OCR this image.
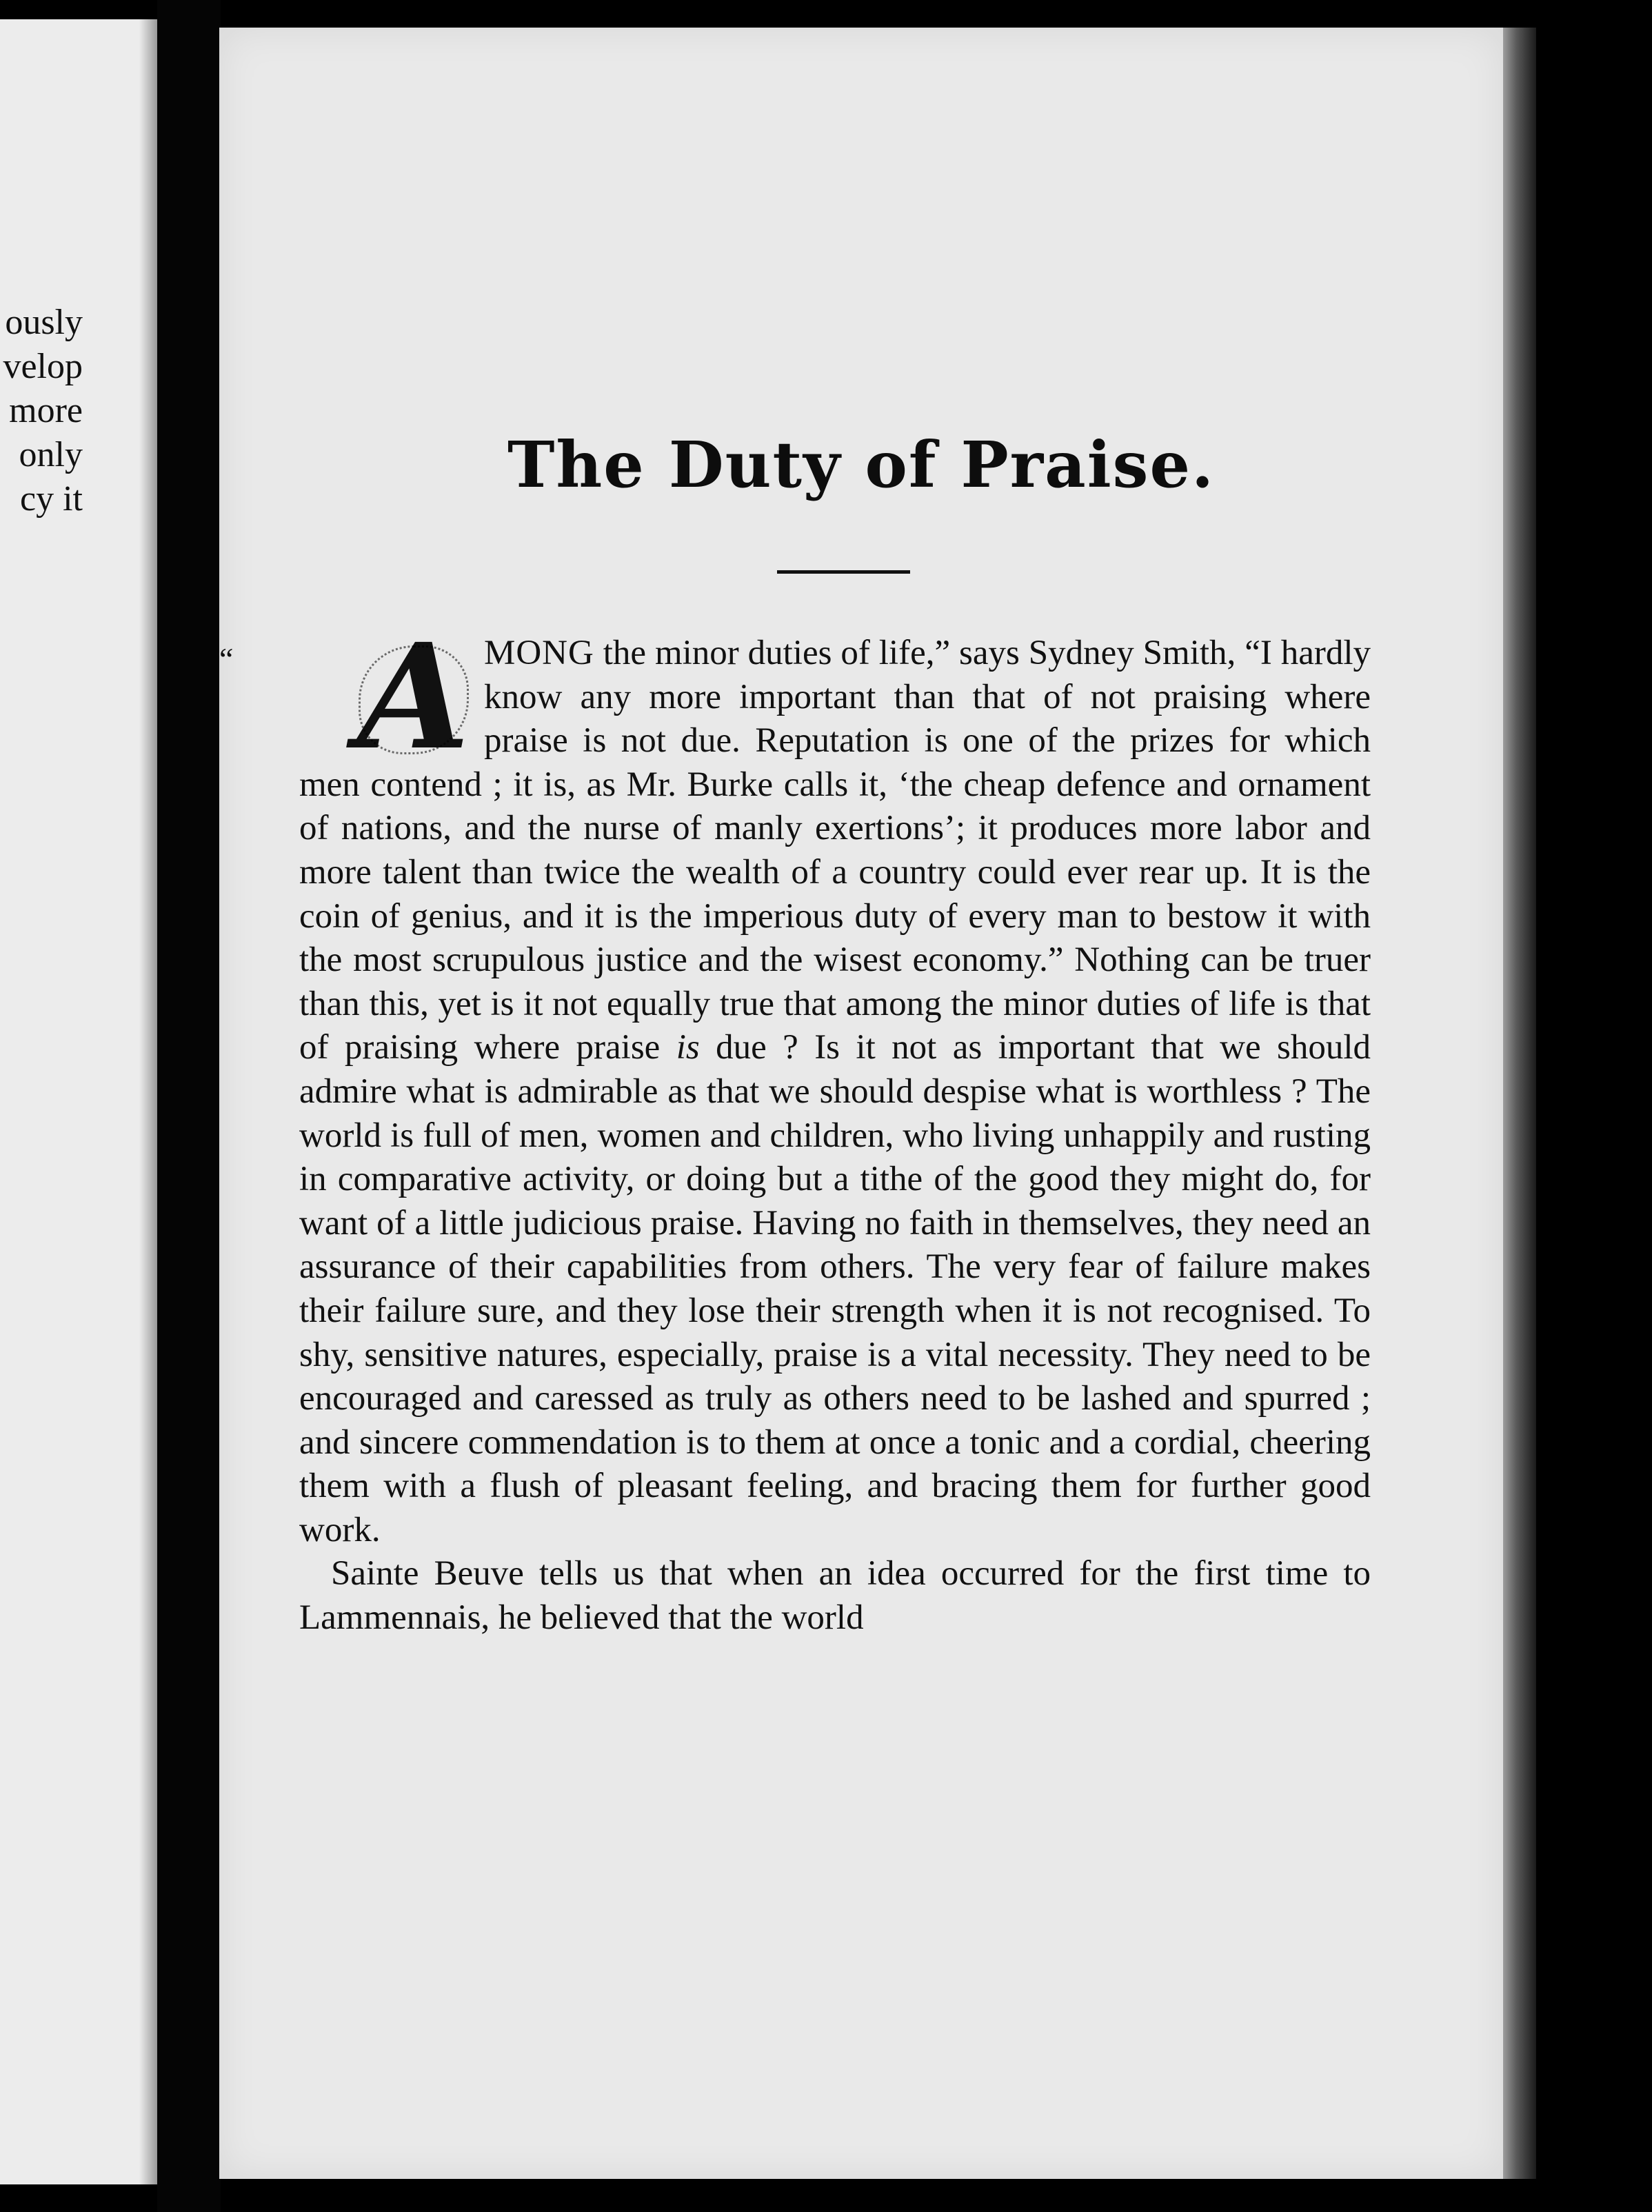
ously
velop
more
only
cy it	The Duty of Praise.

“ A MONG the minor duties of life,” says Sydney Smith, “I hardly know any more important than that of not praising where praise is not due. Reputation is one of the prizes for which men contend ; it is, as Mr. Burke calls it, ‘the cheap defence and ornament of nations, and the nurse of manly exertions’; it produces more labor and more talent than twice the wealth of a country could ever rear up. It is the coin of genius, and it is the imperious duty of every man to bestow it with the most scrupulous justice and the wisest economy.” Nothing can be truer than this, yet is it not equally true that among the minor duties of life is that of praising where praise is due ? Is it not as important that we should admire what is admirable as that we should despise what is worthless ? The world is full of men, women and children, who living unhappily and rusting in comparative activity, or doing but a tithe of the good they might do, for want of a little judicious praise. Having no faith in themselves, they need an assurance of their capabilities from others. The very fear of failure makes their failure sure, and they lose their strength when it is not recognised. To shy, sensitive natures, especially, praise is a vital necessity. They need to be encouraged and caressed as truly as others need to be lashed and spurred ; and sincere commendation is to them at once a tonic and a cordial, cheering them with a flush of pleasant feeling, and bracing them for further good work.

Sainte Beuve tells us that when an idea occurred for the first time to Lammennais, he believed that the world
